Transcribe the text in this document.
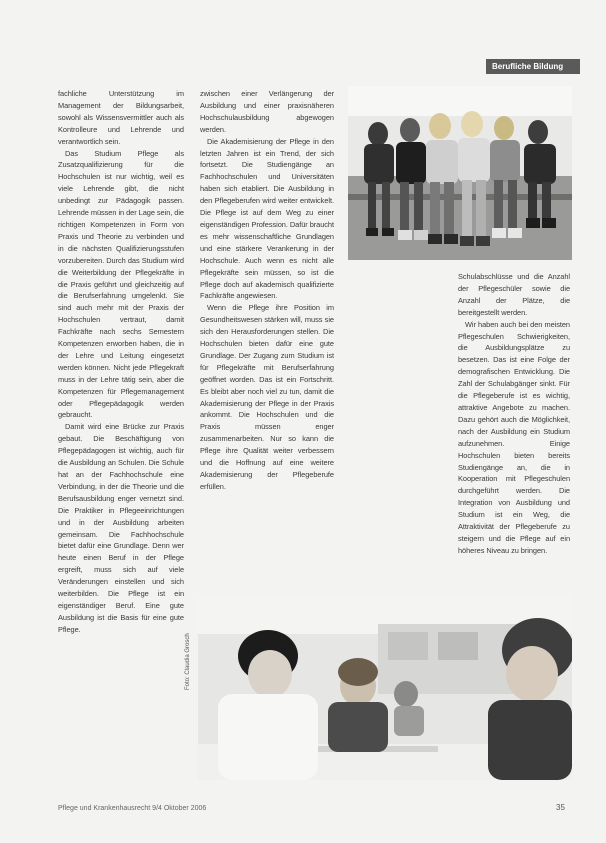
Berufliche Bildung

fachliche Unterstützung im Management der Bildungsarbeit, sowohl als Wissensvermittler auch als Kontrolleure und Lehrende und verantwortlich sein.

Das Studium Pflege als Zusatzqualifizierung für die Hochschulen ist nur wichtig, weil es viele Lehrende gibt, die nicht unbedingt zur Pädagogik passen. Lehrende müssen in der Lage sein, die richtigen Kompetenzen in Form von Praxis und Theorie zu verbinden und in die nächsten Qualifizierungsstufen vorzubereiten. Durch das Studium wird die Weiterbildung der Pflegekräfte in die Praxis geführt und gleichzeitig auf die Berufserfahrung umgelenkt. Sie sind auch mehr mit der Praxis der Hochschulen vertraut, damit Fachkräfte nach sechs Semestern Kompetenzen erworben haben, die in der Lehre und Leitung eingesetzt werden können. Nicht jede Pflegekraft muss in der Lehre tätig sein, aber die Kompetenzen für Pflegemanagement oder Pflegepädagogik werden gebraucht.

Damit wird eine Brücke zur Praxis gebaut. Die Beschäftigung von Pflegepädagogen ist wichtig, auch für die Ausbildung an Schulen. Die Schule hat an der Fachhochschule eine Verbindung, in der die Theorie und die Berufsausbildung enger vernetzt sind. Die Praktiker in Pflegeeinrichtungen und in der Ausbildung arbeiten gemeinsam. Die Fachhochschule bietet dafür eine Grundlage. Denn wer heute einen Beruf in der Pflege ergreift, muss sich auf viele Veränderungen einstellen und sich weiterbilden. Die Pflege ist ein eigenständiger Beruf. Eine gute Ausbildung ist die Basis für eine gute Pflege.

zwischen einer Verlängerung der Ausbildung und einer praxisnäheren Hochschulausbildung abgewogen werden.

Die Akademisierung der Pflege in den letzten Jahren ist ein Trend, der sich fortsetzt. Die Studiengänge an Fachhochschulen und Universitäten haben sich etabliert. Die Ausbildung in den Pflegeberufen wird weiter entwickelt. Die Pflege ist auf dem Weg zu einer eigenständigen Profession. Dafür braucht es mehr wissenschaftliche Grundlagen und eine stärkere Verankerung in der Hochschule. Auch wenn es nicht alle Pflegekräfte sein müssen, so ist die Pflege doch auf akademisch qualifizierte Fachkräfte angewiesen.

Wenn die Pflege ihre Position im Gesundheitswesen stärken will, muss sie sich den Herausforderungen stellen. Die Hochschulen bieten dafür eine gute Grundlage. Der Zugang zum Studium ist für Pflegekräfte mit Berufserfahrung geöffnet worden. Das ist ein Fortschritt. Es bleibt aber noch viel zu tun, damit die Akademisierung der Pflege in der Praxis ankommt. Die Hochschulen und die Praxis müssen enger zusammenarbeiten. Nur so kann die Pflege ihre Qualität weiter verbessern und die Hoffnung auf eine weitere Akademisierung der Pflegeberufe erfüllen.

Schulabschlüsse und die Anzahl der Pflegeschüler sowie die Anzahl der Plätze, die bereitgestellt werden.

Wir haben auch bei den meisten Pflegeschulen Schwierigkeiten, die Ausbildungsplätze zu besetzen. Das ist eine Folge der demografischen Entwicklung. Die Zahl der Schulabgänger sinkt. Für die Pflegeberufe ist es wichtig, attraktive Angebote zu machen. Dazu gehört auch die Möglichkeit, nach der Ausbildung ein Studium aufzunehmen. Einige Hochschulen bieten bereits Studiengänge an, die in Kooperation mit Pflegeschulen durchgeführt werden. Die Integration von Ausbildung und Studium ist ein Weg, die Attraktivität der Pflegeberufe zu steigern und die Pflege auf ein höheres Niveau zu bringen.

Foto: Claudia Grosch
Pflege und Krankenhausrecht 9/4 Oktober 2006	35
